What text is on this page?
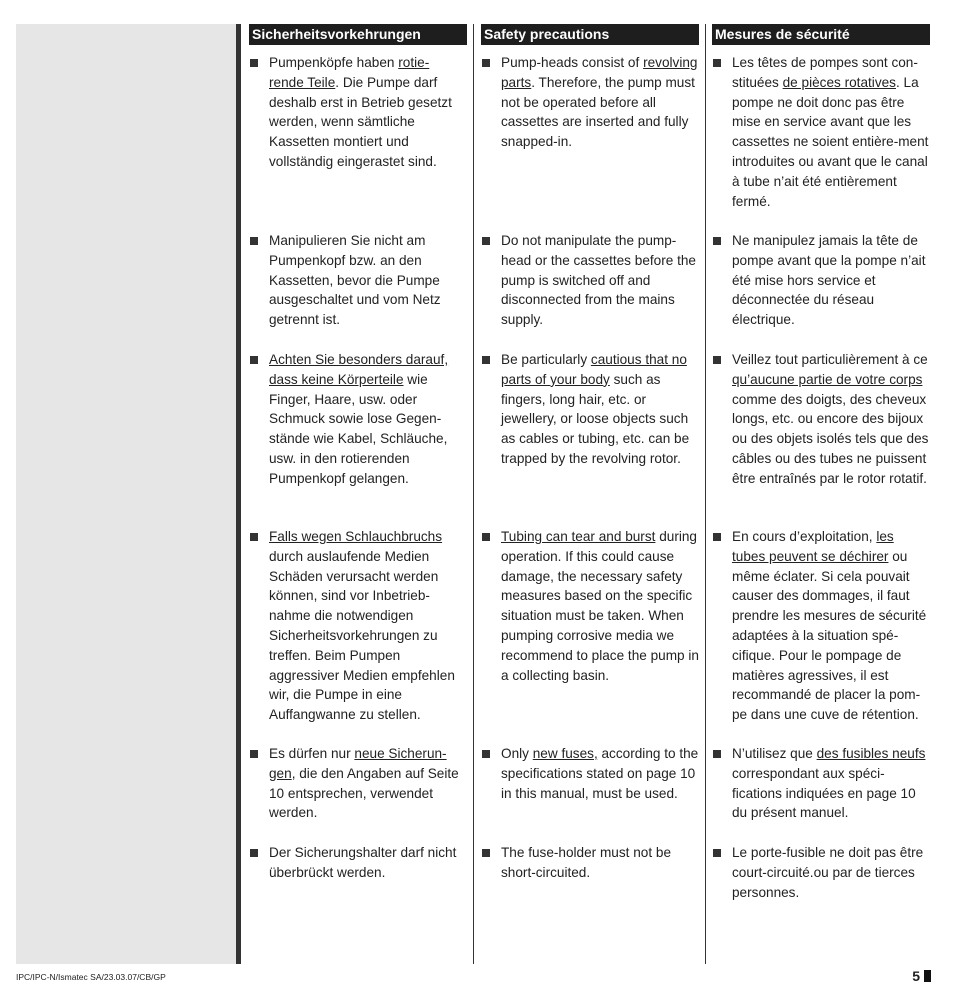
Sicherheitsvorkehrungen
Pumpenköpfe haben rotie- rende Teile. Die Pumpe darf deshalb erst in Betrieb gesetzt werden, wenn sämtliche Kassetten montiert und vollständig eingerastet sind.
Manipulieren Sie nicht am Pumpenkopf bzw. an den Kassetten, bevor die Pumpe ausgeschaltet und vom Netz getrennt ist.
Achten Sie besonders darauf, dass keine Körperteile wie Finger, Haare, usw. oder Schmuck sowie lose Gegen-stände wie Kabel, Schläuche, usw. in den rotierenden Pumpenkopf gelangen.
Falls wegen Schlauchbruchs durch auslaufende Medien Schäden verursacht werden können, sind vor Inbetrieb-nahme die notwendigen Sicherheitsvorkehrungen zu treffen. Beim Pumpen aggressiver Medien empfehlen wir, die Pumpe in eine Auffangwanne zu stellen.
Es dürfen nur neue Sicherun-gen, die den Angaben auf Seite 10 entsprechen, verwendet werden.
Der Sicherungshalter darf nicht überbrückt werden.
Safety precautions
Pump-heads consist of revolving parts. Therefore, the pump must not be operated before all cassettes are inserted and fully snapped-in.
Do not manipulate the pump-head or the cassettes before the pump is switched off and disconnected from the mains supply.
Be particularly cautious that no parts of your body such as fingers, long hair, etc. or jewellery, or loose objects such as cables or tubing, etc. can be trapped by the revolving rotor.
Tubing can tear and burst during operation. If this could cause damage, the necessary safety measures based on the specific situation must be taken. When pumping corrosive media we recommend to place the pump in a collecting basin.
Only new fuses, according to the specifications stated on page 10 in this manual, must be used.
The fuse-holder must not be short-circuited.
Mesures de sécurité
Les têtes de pompes sont con-stituées de pièces rotatives. La pompe ne doit donc pas être mise en service avant que les cassettes ne soient entière-ment introduites ou avant que le canal à tube n’ait été entièrement fermé.
Ne manipulez jamais la tête de pompe avant que la pompe n’ait été mise hors service et déconnectée du réseau électrique.
Veillez tout particulièrement à ce qu’aucune partie de votre corps comme des doigts, des cheveux longs, etc. ou encore des bijoux ou des objets isolés tels que des câbles ou des tubes ne puissent être entraînés par le rotor rotatif.
En cours d’exploitation, les tubes peuvent se déchirer ou même éclater. Si cela pouvait causer des dommages, il faut prendre les mesures de sécurité adaptées à la situation spé-cifique. Pour le pompage de matières agressives, il est recommandé de placer la pom-pe dans une cuve de rétention.
N’utilisez que des fusibles neufs correspondant aux spéci-fications indiquées en page 10 du présent manuel.
Le porte-fusible ne doit pas être court-circuité.ou par de tierces personnes.
IPC/IPC-N/Ismatec SA/23.03.07/CB/GP	5
